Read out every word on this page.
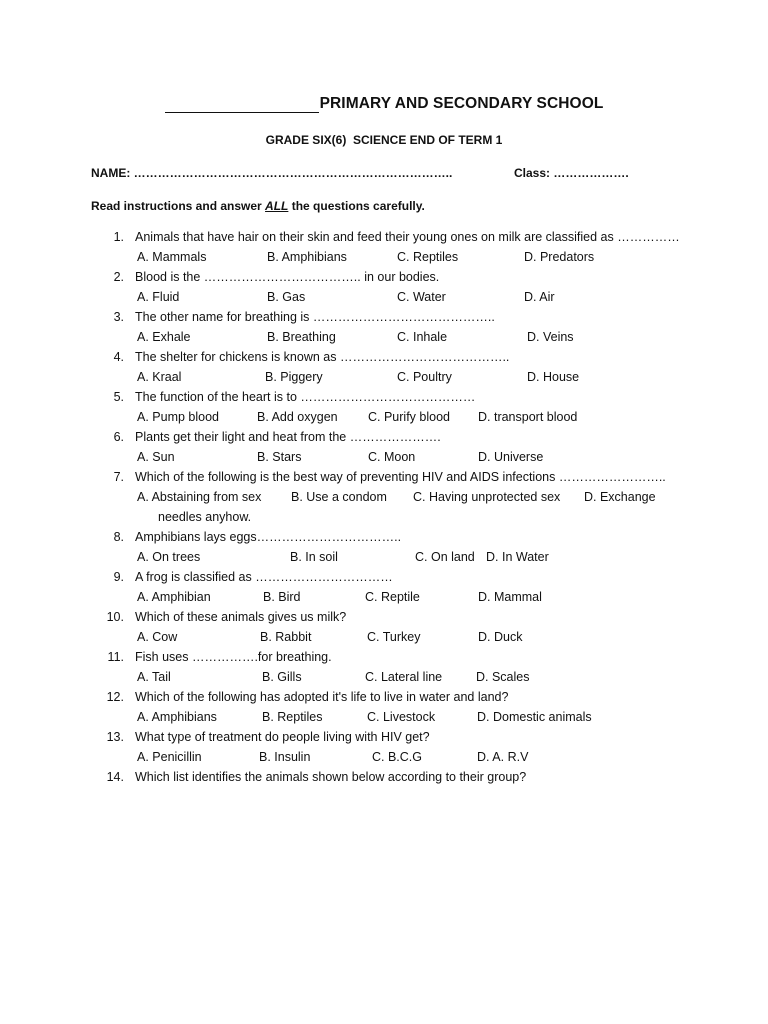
PRIMARY AND SECONDARY SCHOOL
GRADE SIX(6)  SCIENCE END OF TERM 1
NAME: ……………………………………………………………………..	Class: ……………….
Read instructions and answer ALL the questions carefully.
1. Animals that have hair on their skin and feed their young ones on milk are classified as ……………
A. Mammals	B. Amphibians	C. Reptiles	D. Predators
2. Blood is the ……………………………….. in our bodies.
A. Fluid	B. Gas	C. Water	D. Air
3. The other name for breathing is ……………………………………..
A. Exhale	B. Breathing	C. Inhale	D. Veins
4. The shelter for chickens is known as …………………………………..
A. Kraal	B. Piggery	C. Poultry	D. House
5. The function of the heart is to ……………………………………
A. Pump blood	B. Add oxygen C. Purify blood D. transport blood
6. Plants get their light and heat from the ………………….
A. Sun	B. Stars	C. Moon	D. Universe
7. Which of the following is the best way of preventing HIV and AIDS infections ……………………..
A. Abstaining from sex B. Use a condom C. Having unprotected sex D. Exchange
needles anyhow.
8. Amphibians lays eggs……………………………..
A. On trees	B. In soil	C. On land D. In Water
9. A frog is classified as ……………………………
A. Amphibian	B. Bird	C. Reptile	D. Mammal
10. Which of these animals gives us milk?
A. Cow	B. Rabbit	C. Turkey	D. Duck
11. Fish uses …………….for breathing.
A. Tail	B. Gills	C. Lateral line	D. Scales
12. Which of the following has adopted it's life to live in water and land?
A. Amphibians	B. Reptiles	C. Livestock	D. Domestic animals
13. What type of treatment do people living with HIV get?
A. Penicillin	B. Insulin	C. B.C.G	D. A. R.V
14. Which list identifies the animals shown below according to their group?
